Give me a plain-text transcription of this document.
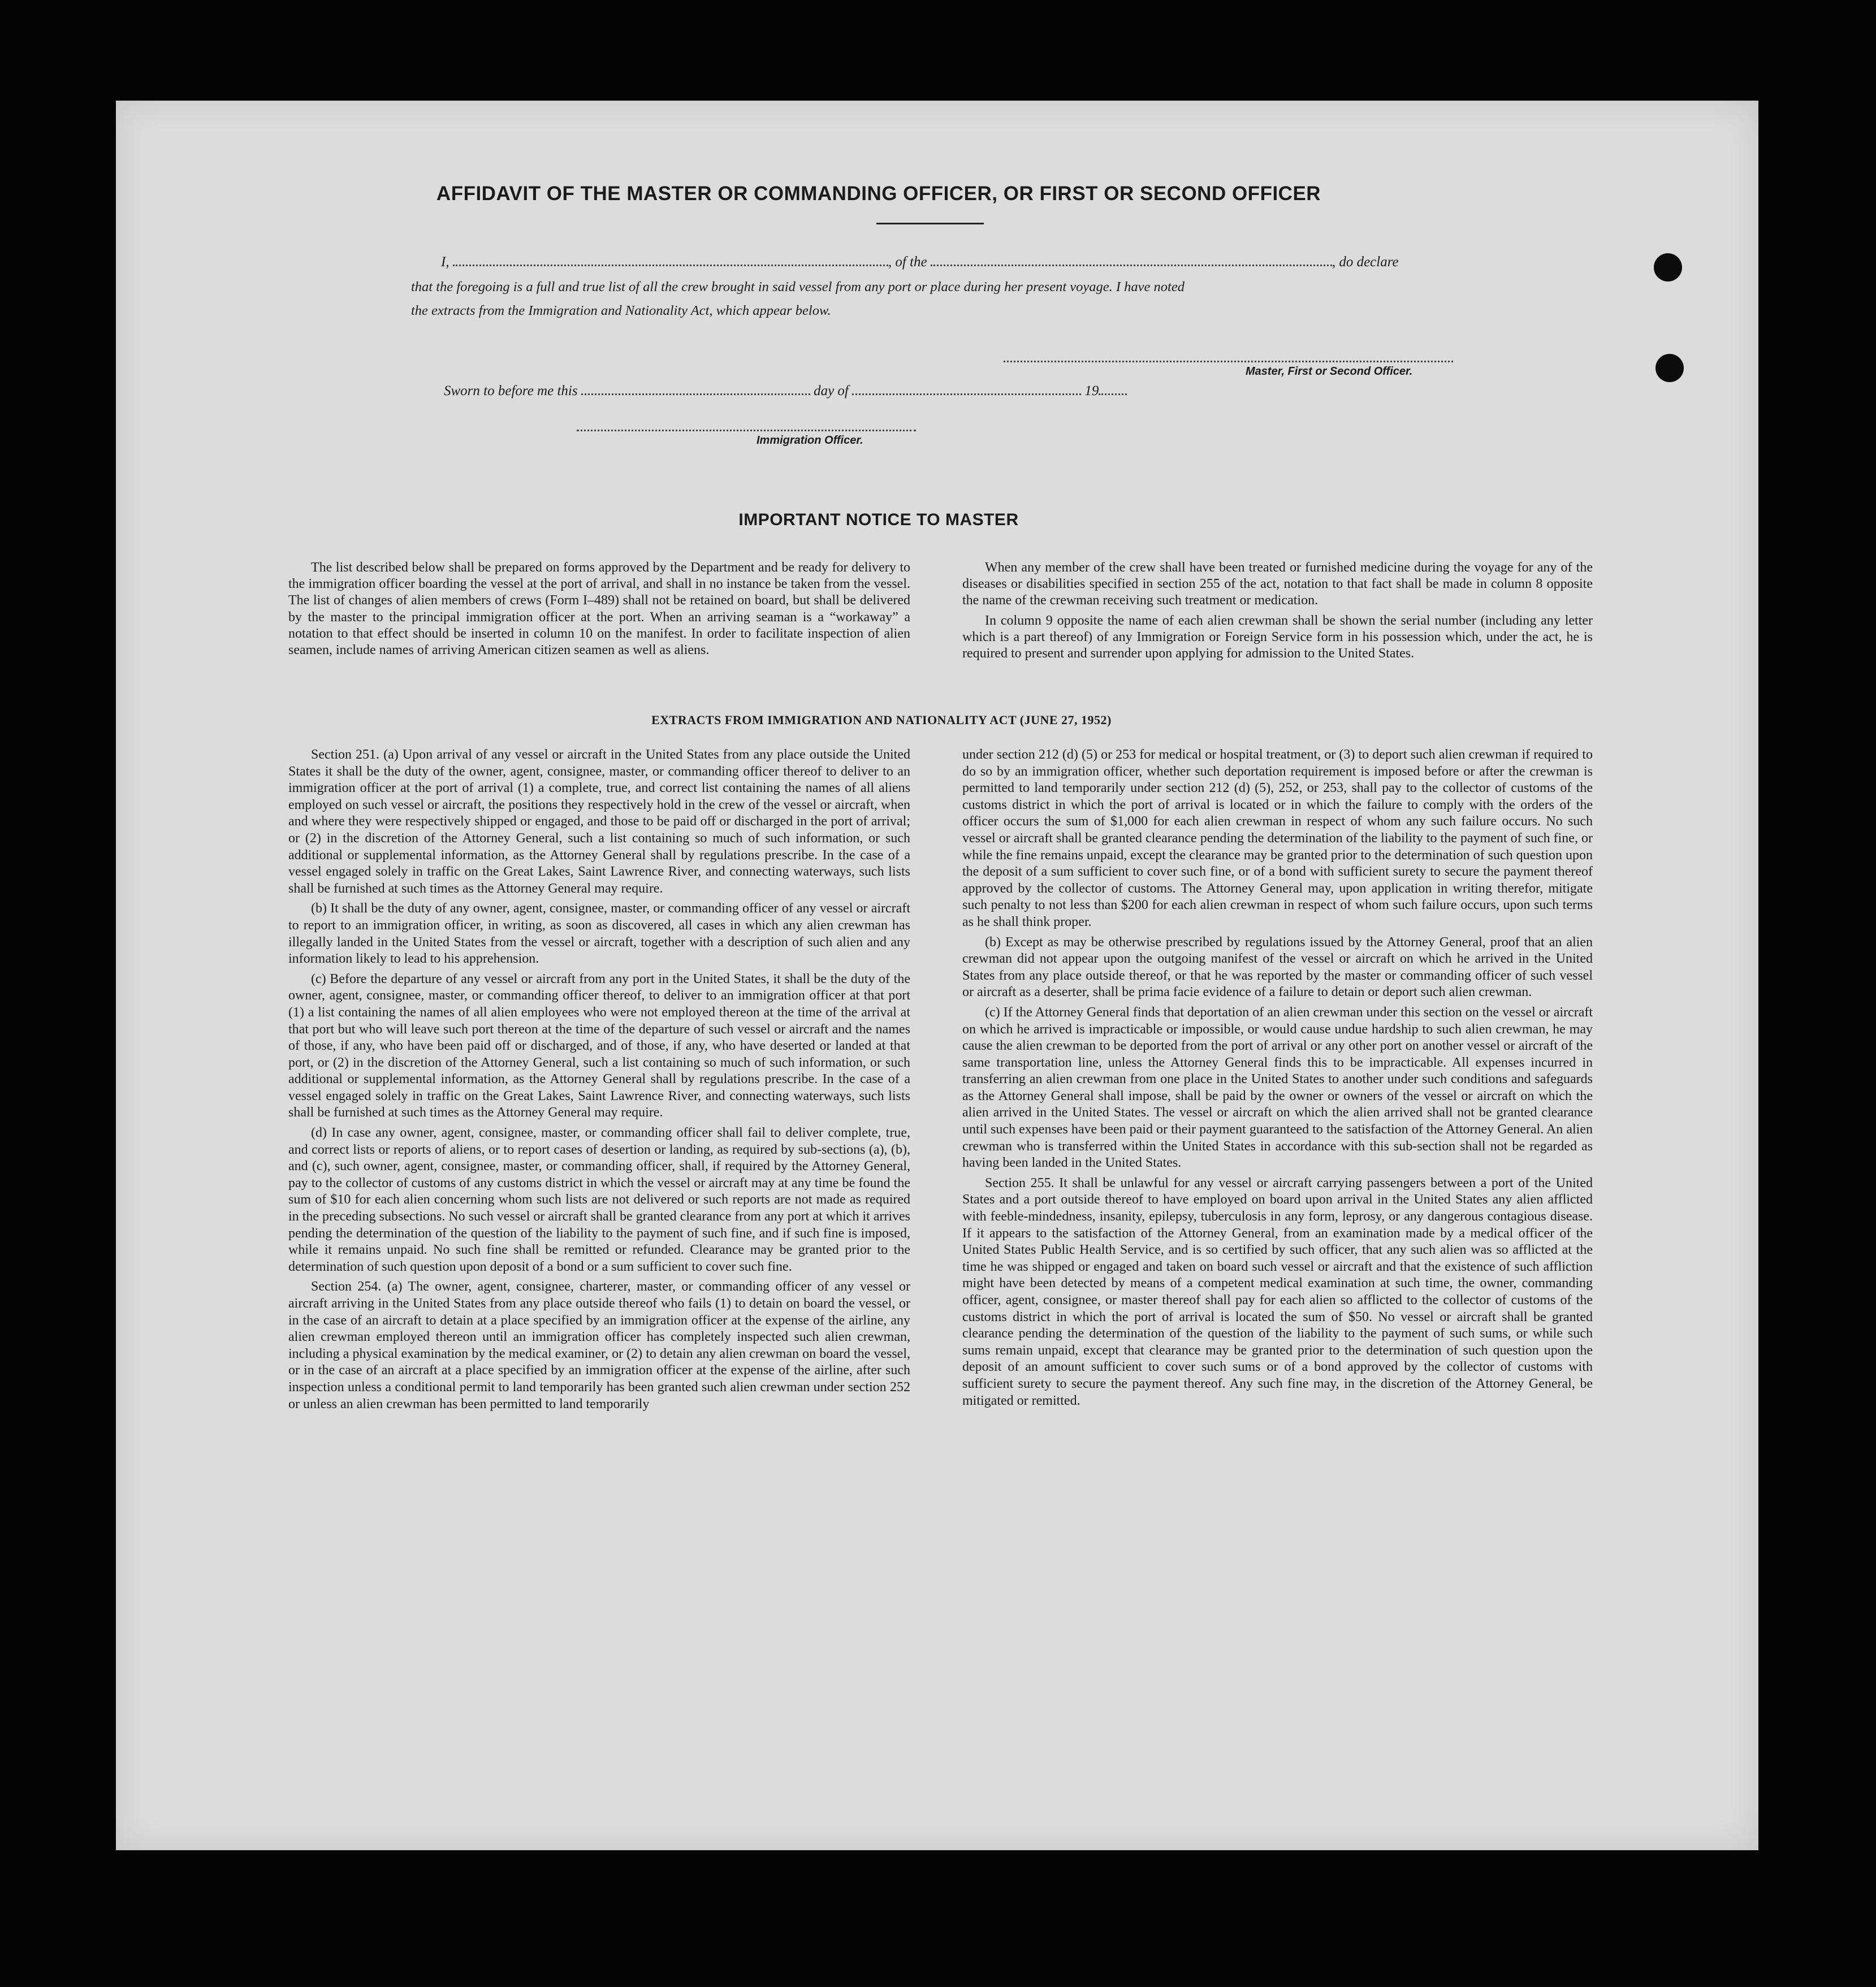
AFFIDAVIT OF THE MASTER OR COMMANDING OFFICER, OR FIRST OR SECOND OFFICER
I,	, of the	, do declare
that the foregoing is a full and true list of all the crew brought in said vessel from any port or place during her present voyage. I have noted
the extracts from the Immigration and Nationality Act, which appear below.
Master, First or Second Officer.
Sworn to before me this	day of	19
Immigration Officer.
IMPORTANT NOTICE TO MASTER

The list described below shall be prepared on forms approved by the Department and be ready for delivery to the immigration officer boarding the vessel at the port of arrival, and shall in no instance be taken from the vessel. The list of changes of alien members of crews (Form I–489) shall not be retained on board, but shall be delivered by the master to the principal immigration officer at the port. When an arriving seaman is a “workaway” a notation to that effect should be inserted in column 10 on the manifest. In order to facilitate inspection of alien seamen, include names of arriving American citizen seamen as well as aliens.

When any member of the crew shall have been treated or furnished medicine during the voyage for any of the diseases or disabilities specified in section 255 of the act, notation to that fact shall be made in column 8 opposite the name of the crewman receiving such treatment or medication.

In column 9 opposite the name of each alien crewman shall be shown the serial number (including any letter which is a part thereof) of any Immigration or Foreign Service form in his possession which, under the act, he is required to present and surrender upon applying for admission to the United States.

EXTRACTS FROM IMMIGRATION AND NATIONALITY ACT (JUNE 27, 1952)

Section 251. (a) Upon arrival of any vessel or aircraft in the United States from any place outside the United States it shall be the duty of the owner, agent, consignee, master, or commanding officer thereof to deliver to an immigration officer at the port of arrival (1) a complete, true, and correct list containing the names of all aliens employed on such vessel or aircraft, the positions they respectively hold in the crew of the vessel or aircraft, when and where they were respectively shipped or engaged, and those to be paid off or discharged in the port of arrival; or (2) in the discretion of the Attorney General, such a list containing so much of such information, or such additional or supplemental information, as the Attorney General shall by regulations prescribe. In the case of a vessel engaged solely in traffic on the Great Lakes, Saint Lawrence River, and connecting waterways, such lists shall be furnished at such times as the Attorney General may require.

(b) It shall be the duty of any owner, agent, consignee, master, or commanding officer of any vessel or aircraft to report to an immigration officer, in writing, as soon as discovered, all cases in which any alien crewman has illegally landed in the United States from the vessel or aircraft, together with a description of such alien and any information likely to lead to his apprehension.

(c) Before the departure of any vessel or aircraft from any port in the United States, it shall be the duty of the owner, agent, consignee, master, or commanding officer thereof, to deliver to an immigration officer at that port (1) a list containing the names of all alien employees who were not employed thereon at the time of the arrival at that port but who will leave such port thereon at the time of the departure of such vessel or aircraft and the names of those, if any, who have been paid off or discharged, and of those, if any, who have deserted or landed at that port, or (2) in the discretion of the Attorney General, such a list containing so much of such information, or such additional or supplemental information, as the Attorney General shall by regulations prescribe. In the case of a vessel engaged solely in traffic on the Great Lakes, Saint Lawrence River, and connecting waterways, such lists shall be furnished at such times as the Attorney General may require.

(d) In case any owner, agent, consignee, master, or commanding officer shall fail to deliver complete, true, and correct lists or reports of aliens, or to report cases of desertion or landing, as required by sub-sections (a), (b), and (c), such owner, agent, consignee, master, or commanding officer, shall, if required by the Attorney General, pay to the collector of customs of any customs district in which the vessel or aircraft may at any time be found the sum of $10 for each alien concerning whom such lists are not delivered or such reports are not made as required in the preceding subsections. No such vessel or aircraft shall be granted clearance from any port at which it arrives pending the determination of the question of the liability to the payment of such fine, and if such fine is imposed, while it remains unpaid. No such fine shall be remitted or refunded. Clearance may be granted prior to the determination of such question upon deposit of a bond or a sum sufficient to cover such fine.

Section 254. (a) The owner, agent, consignee, charterer, master, or commanding officer of any vessel or aircraft arriving in the United States from any place outside thereof who fails (1) to detain on board the vessel, or in the case of an aircraft to detain at a place specified by an immigration officer at the expense of the airline, any alien crewman employed thereon until an immigration officer has completely inspected such alien crewman, including a physical examination by the medical examiner, or (2) to detain any alien crewman on board the vessel, or in the case of an aircraft at a place specified by an immigration officer at the expense of the airline, after such inspection unless a conditional permit to land temporarily has been granted such alien crewman under section 252 or unless an alien crewman has been permitted to land temporarily

under section 212 (d) (5) or 253 for medical or hospital treatment, or (3) to deport such alien crewman if required to do so by an immigration officer, whether such deportation requirement is imposed before or after the crewman is permitted to land temporarily under section 212 (d) (5), 252, or 253, shall pay to the collector of customs of the customs district in which the port of arrival is located or in which the failure to comply with the orders of the officer occurs the sum of $1,000 for each alien crewman in respect of whom any such failure occurs. No such vessel or aircraft shall be granted clearance pending the determination of the liability to the payment of such fine, or while the fine remains unpaid, except the clearance may be granted prior to the determination of such question upon the deposit of a sum sufficient to cover such fine, or of a bond with sufficient surety to secure the payment thereof approved by the collector of customs. The Attorney General may, upon application in writing therefor, mitigate such penalty to not less than $200 for each alien crewman in respect of whom such failure occurs, upon such terms as he shall think proper.

(b) Except as may be otherwise prescribed by regulations issued by the Attorney General, proof that an alien crewman did not appear upon the outgoing manifest of the vessel or aircraft on which he arrived in the United States from any place outside thereof, or that he was reported by the master or commanding officer of such vessel or aircraft as a deserter, shall be prima facie evidence of a failure to detain or deport such alien crewman.

(c) If the Attorney General finds that deportation of an alien crewman under this section on the vessel or aircraft on which he arrived is impracticable or impossible, or would cause undue hardship to such alien crewman, he may cause the alien crewman to be deported from the port of arrival or any other port on another vessel or aircraft of the same transportation line, unless the Attorney General finds this to be impracticable. All expenses incurred in transferring an alien crewman from one place in the United States to another under such conditions and safeguards as the Attorney General shall impose, shall be paid by the owner or owners of the vessel or aircraft on which the alien arrived in the United States. The vessel or aircraft on which the alien arrived shall not be granted clearance until such expenses have been paid or their payment guaranteed to the satisfaction of the Attorney General. An alien crewman who is transferred within the United States in accordance with this sub-section shall not be regarded as having been landed in the United States.

Section 255. It shall be unlawful for any vessel or aircraft carrying passengers between a port of the United States and a port outside thereof to have employed on board upon arrival in the United States any alien afflicted with feeble-mindedness, insanity, epilepsy, tuberculosis in any form, leprosy, or any dangerous contagious disease. If it appears to the satisfaction of the Attorney General, from an examination made by a medical officer of the United States Public Health Service, and is so certified by such officer, that any such alien was so afflicted at the time he was shipped or engaged and taken on board such vessel or aircraft and that the existence of such affliction might have been detected by means of a competent medical examination at such time, the owner, commanding officer, agent, consignee, or master thereof shall pay for each alien so afflicted to the collector of customs of the customs district in which the port of arrival is located the sum of $50. No vessel or aircraft shall be granted clearance pending the determination of the question of the liability to the payment of such sums, or while such sums remain unpaid, except that clearance may be granted prior to the determination of such question upon the deposit of an amount sufficient to cover such sums or of a bond approved by the collector of customs with sufficient surety to secure the payment thereof. Any such fine may, in the discretion of the Attorney General, be mitigated or remitted.
